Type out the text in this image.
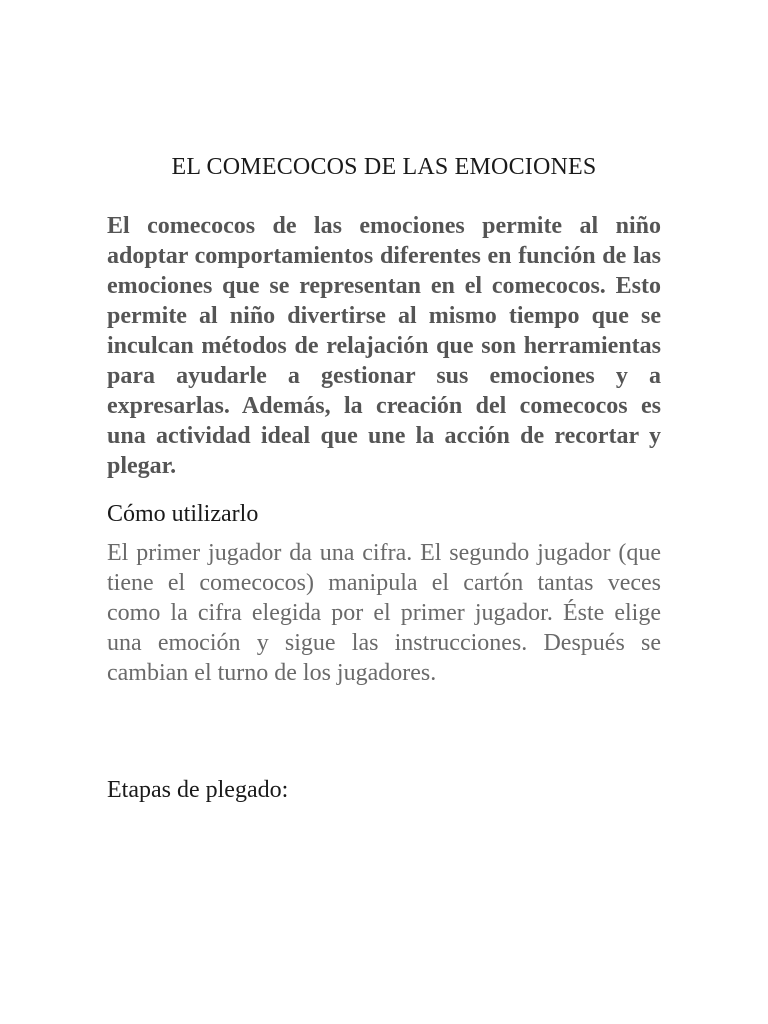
EL COMECOCOS DE LAS EMOCIONES

El comecocos de las emociones permite al niño adoptar comportamientos diferentes en función de las emociones que se representan en el comecocos. Esto permite al niño divertirse al mismo tiempo que se inculcan métodos de relajación que son herramientas para ayudarle a gestionar sus emociones y a expresarlas. Además, la creación del comecocos es una actividad ideal que une la acción de recortar y plegar.

Cómo utilizarlo

El primer jugador da una cifra. El segundo jugador (que tiene el comecocos) manipula el cartón tantas veces como la cifra elegida por el primer jugador. Éste elige una emoción y sigue las instrucciones. Después se cambian el turno de los jugadores.

Etapas de plegado:
